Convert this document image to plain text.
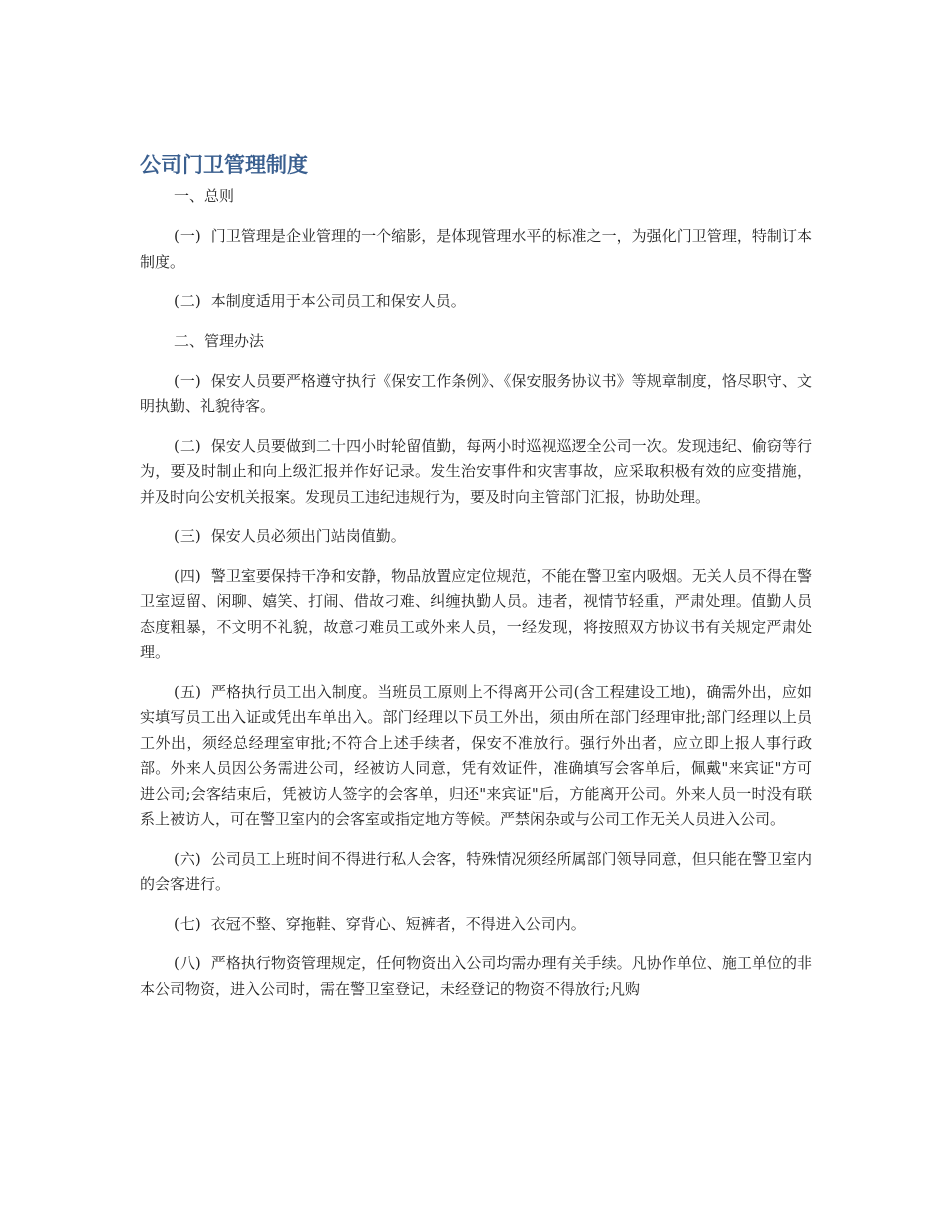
公司门卫管理制度

一、总则

(一) 门卫管理是企业管理的一个缩影，是体现管理水平的标准之一，为强化门卫管理，特制订本制度。

(二) 本制度适用于本公司员工和保安人员。

二、管理办法

(一) 保安人员要严格遵守执行《保安工作条例》、《保安服务协议书》等规章制度，恪尽职守、文明执勤、礼貌待客。

(二) 保安人员要做到二十四小时轮留值勤，每两小时巡视巡逻全公司一次。发现违纪、偷窃等行为，要及时制止和向上级汇报并作好记录。发生治安事件和灾害事故，应采取积极有效的应变措施，并及时向公安机关报案。发现员工违纪违规行为，要及时向主管部门汇报，协助处理。

(三) 保安人员必须出门站岗值勤。

(四) 警卫室要保持干净和安静，物品放置应定位规范，不能在警卫室内吸烟。无关人员不得在警卫室逗留、闲聊、嬉笑、打闹、借故刁难、纠缠执勤人员。违者，视情节轻重，严肃处理。值勤人员态度粗暴，不文明不礼貌，故意刁难员工或外来人员，一经发现，将按照双方协议书有关规定严肃处理。

(五) 严格执行员工出入制度。当班员工原则上不得离开公司(含工程建设工地)，确需外出，应如实填写员工出入证或凭出车单出入。部门经理以下员工外出，须由所在部门经理审批;部门经理以上员工外出，须经总经理室审批;不符合上述手续者，保安不准放行。强行外出者，应立即上报人事行政部。外来人员因公务需进公司，经被访人同意，凭有效证件，准确填写会客单后，佩戴"来宾证"方可进公司;会客结束后，凭被访人签字的会客单，归还"来宾证"后，方能离开公司。外来人员一时没有联系上被访人，可在警卫室内的会客室或指定地方等候。严禁闲杂或与公司工作无关人员进入公司。

(六) 公司员工上班时间不得进行私人会客，特殊情况须经所属部门领导同意，但只能在警卫室内的会客进行。

(七) 衣冠不整、穿拖鞋、穿背心、短裤者，不得进入公司内。

(八) 严格执行物资管理规定，任何物资出入公司均需办理有关手续。凡协作单位、施工单位的非本公司物资，进入公司时，需在警卫室登记，未经登记的物资不得放行;凡购
